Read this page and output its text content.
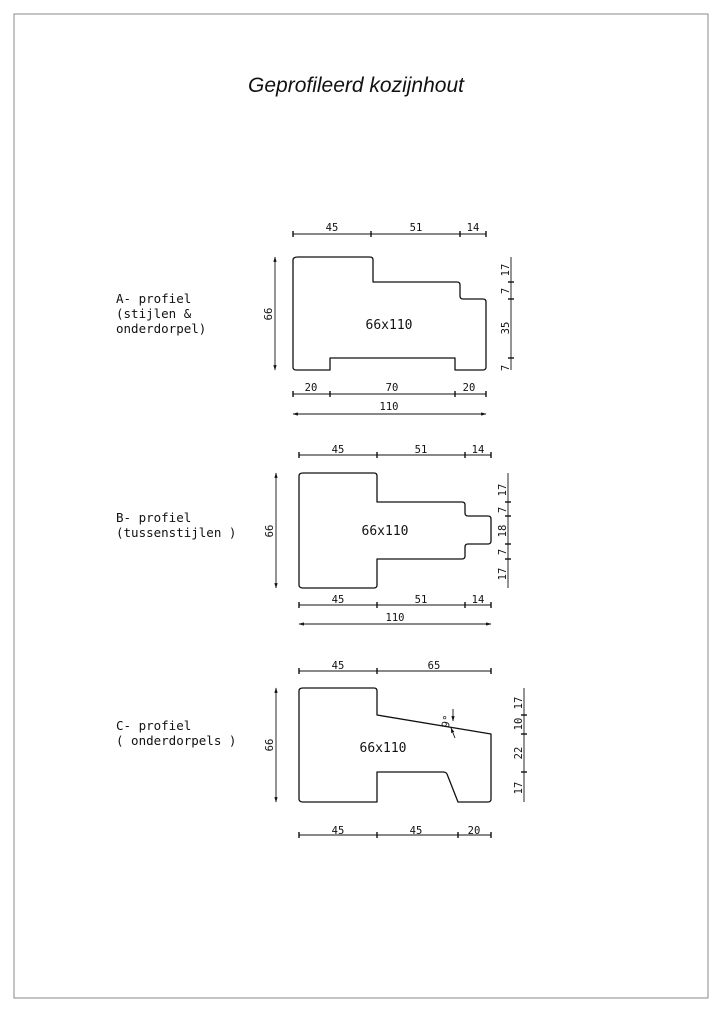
Geprofileerd kozijnhout
A- profiel
(stijlen &
onderdorpel)	66x110
45	51	14
20	70	20
110
66
17
7
35
7
B- profiel
(tussenstijlen )	66x110
45	51	14
45	51	14
110
66
17
7
18
7
17
C- profiel
( onderdorpels )
66x110
9°
45	65
45	45	20
66
17
10
22
17
